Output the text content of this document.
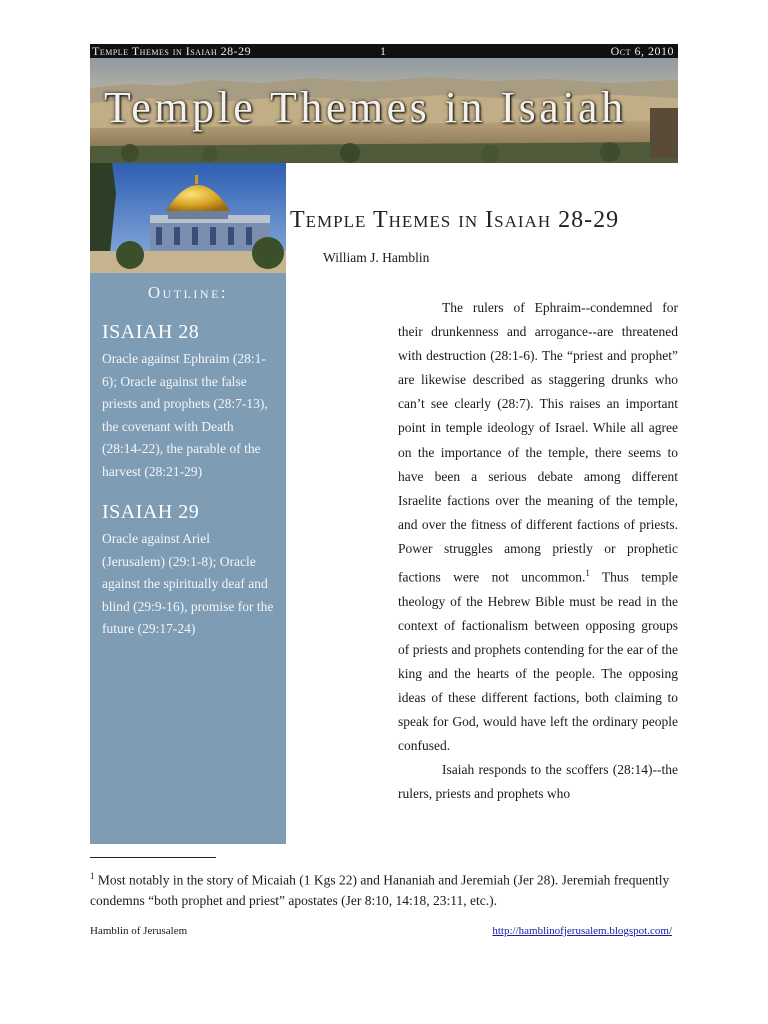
Temple Themes in Isaiah 28-29	1	Oct 6, 2010
Temple Themes in Isaiah
Outline:
ISAIAH 28

Oracle against Ephraim (28:1-6); Oracle against the false priests and prophets (28:7-13), the covenant with Death (28:14-22), the parable of the harvest (28:21-29)

ISAIAH 29

Oracle against Ariel (Jerusalem) (29:1-8); Oracle against the spiritually deaf and blind (29:9-16), promise for the future (29:17-24)

Temple Themes in Isaiah 28-29
William J. Hamblin

The rulers of Ephraim--condemned for their drunkenness and arrogance--are threatened with destruction (28:1-6). The “priest and prophet” are likewise described as staggering drunks who can’t see clearly (28:7). This raises an important point in temple ideology of Israel. While all agree on the importance of the temple, there seems to have been a serious debate among different Israelite factions over the meaning of the temple, and over the fitness of different factions of priests. Power struggles among priestly or prophetic factions were not uncommon.$^1$ Thus temple theology of the Hebrew Bible must be read in the context of factionalism between opposing groups of priests and prophets contending for the ear of the king and the hearts of the people. The opposing ideas of these different factions, both claiming to speak for God, would have left the ordinary people confused.

Isaiah responds to the scoffers (28:14)--the rulers, priests and prophets who

$^1$ Most notably in the story of Micaiah (1 Kgs 22) and Hananiah and Jeremiah (Jer 28). Jeremiah frequently condemns “both prophet and priest” apostates (Jer 8:10, 14:18, 23:11, etc.).
Hamblin of Jerusalem	http://hamblinofjerusalem.blogspot.com/
